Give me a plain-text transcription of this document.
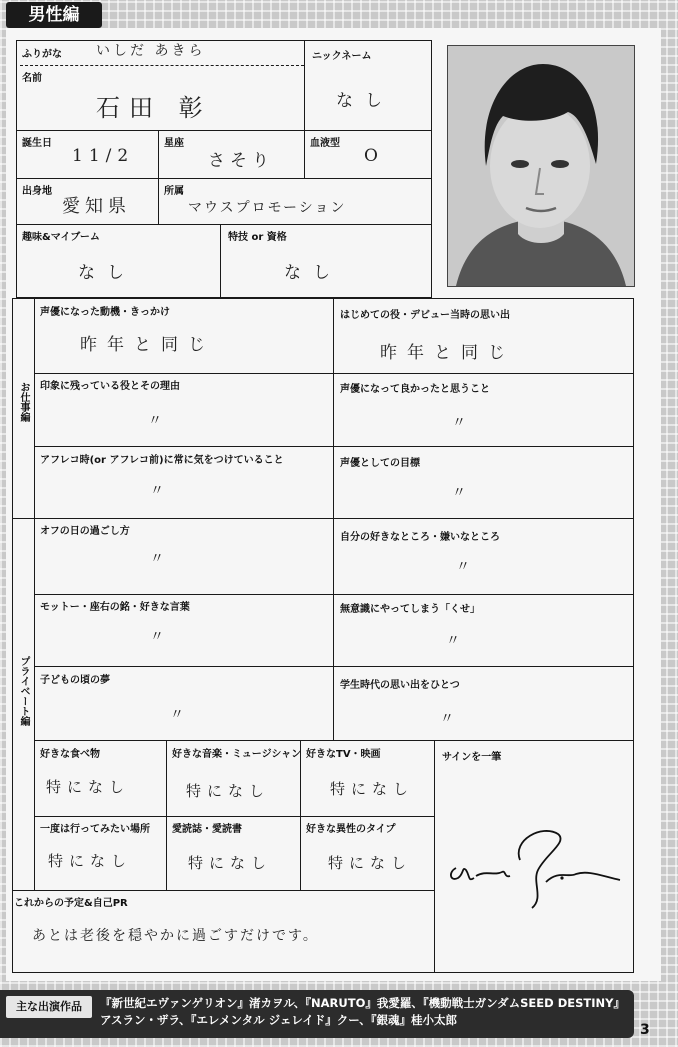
男性編
ふりがな いしだ あきら
名前
石田 彰
ニックネーム
なし
誕生日
11/2
星座
さそり
血液型
O
出身地
愛知県
所属
マウスプロモーション
趣味&マイブーム
なし
特技 or 資格
なし
お仕事編
プライベート編
声優になった動機・きっかけ
昨年と同じ
はじめての役・デビュー当時の思い出
昨年と同じ
印象に残っている役とその理由
〃
声優になって良かったと思うこと
〃
アフレコ時(or アフレコ前)に常に気をつけていること
〃
声優としての目標
〃
オフの日の過ごし方
〃
自分の好きなところ・嫌いなところ
〃
モットー・座右の銘・好きな言葉
〃
無意識にやってしまう「くせ」
〃
子どもの頃の夢
〃
学生時代の思い出をひとつ
〃
好きな食べ物
特になし
好きな音楽・ミュージシャン
特になし
好きなTV・映画
特になし
一度は行ってみたい場所
特になし
愛読誌・愛読書
特になし
好きな異性のタイプ
特になし
サインを一筆
これからの予定&自己PR
あとは老後を穏やかに過ごすだけです。
主な出演作品	『新世紀エヴァンゲリオン』渚カヲル、『NARUTO』我愛羅、『機動戦士ガンダムSEED DESTINY』アスラン・ザラ、『エレメンタル ジェレイド』クー、『銀魂』桂小太郎
3
